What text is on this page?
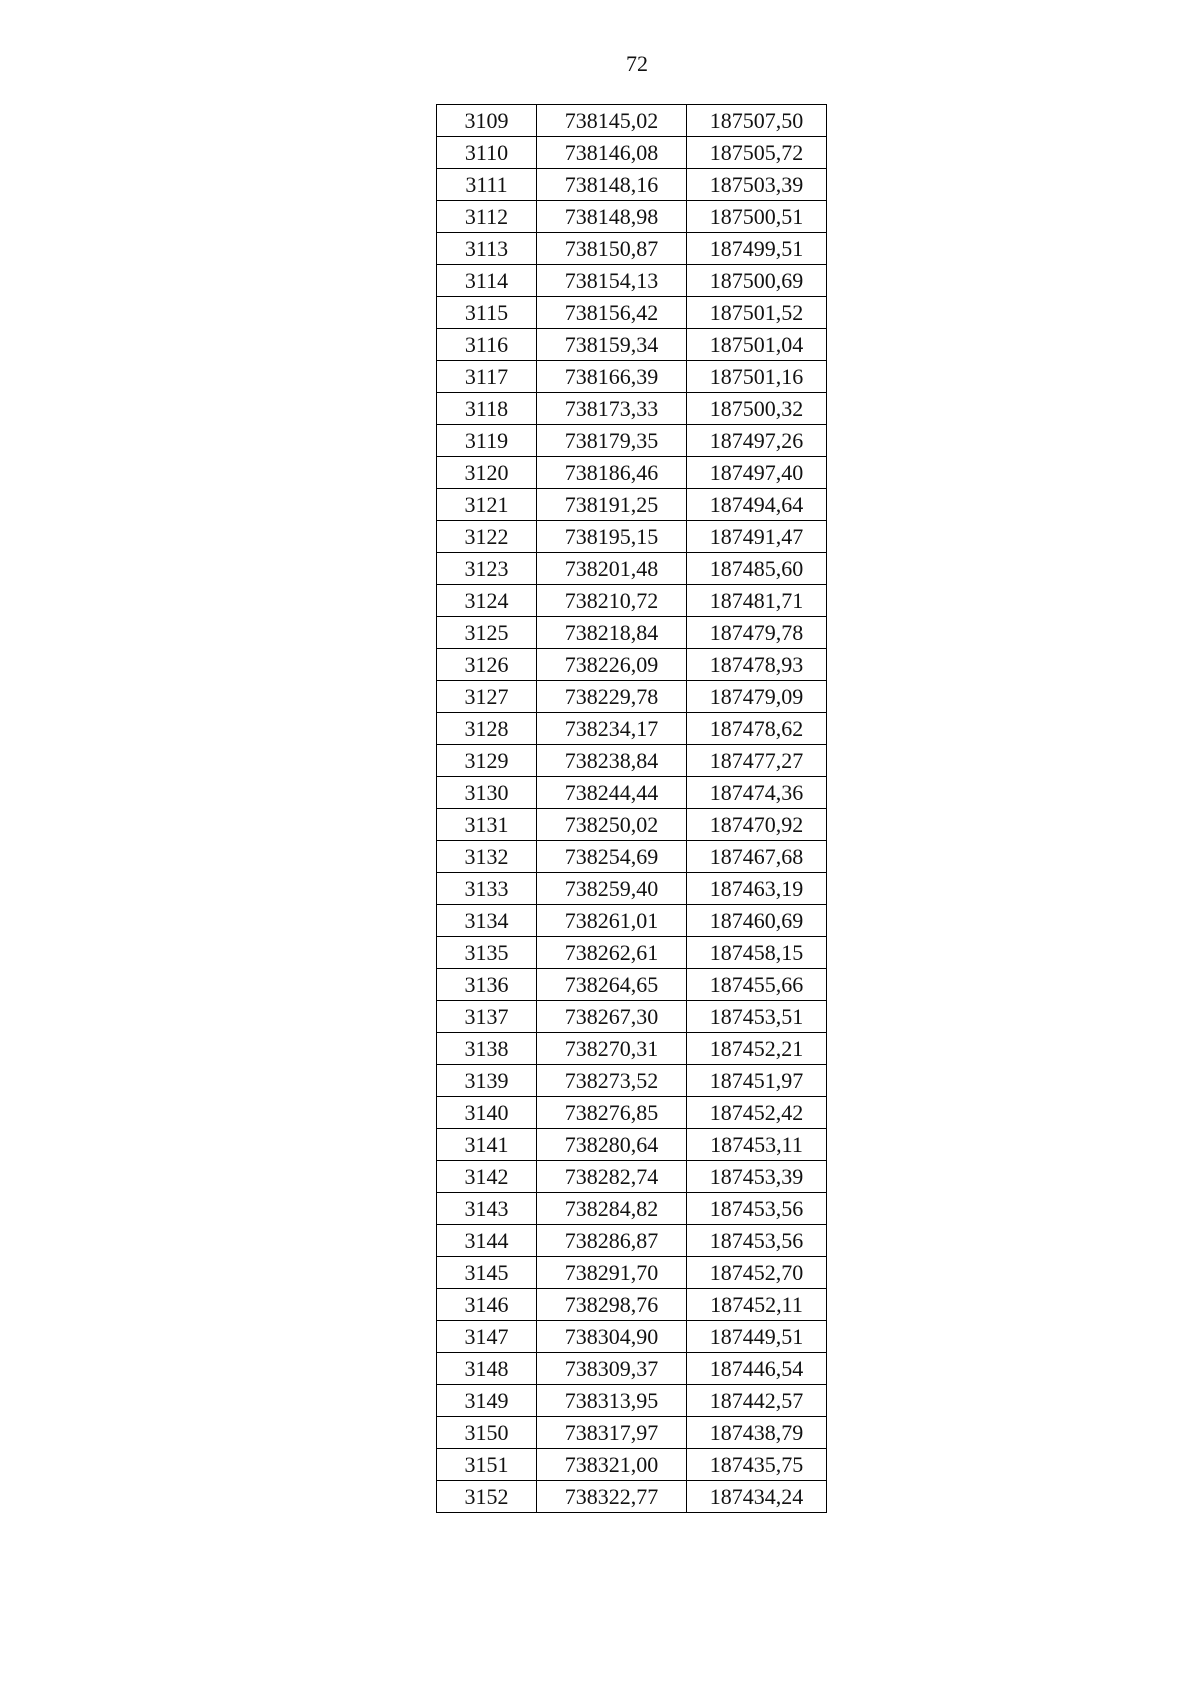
72
3109	738145,02	187507,50
3110	738146,08	187505,72
3111	738148,16	187503,39
3112	738148,98	187500,51
3113	738150,87	187499,51
3114	738154,13	187500,69
3115	738156,42	187501,52
3116	738159,34	187501,04
3117	738166,39	187501,16
3118	738173,33	187500,32
3119	738179,35	187497,26
3120	738186,46	187497,40
3121	738191,25	187494,64
3122	738195,15	187491,47
3123	738201,48	187485,60
3124	738210,72	187481,71
3125	738218,84	187479,78
3126	738226,09	187478,93
3127	738229,78	187479,09
3128	738234,17	187478,62
3129	738238,84	187477,27
3130	738244,44	187474,36
3131	738250,02	187470,92
3132	738254,69	187467,68
3133	738259,40	187463,19
3134	738261,01	187460,69
3135	738262,61	187458,15
3136	738264,65	187455,66
3137	738267,30	187453,51
3138	738270,31	187452,21
3139	738273,52	187451,97
3140	738276,85	187452,42
3141	738280,64	187453,11
3142	738282,74	187453,39
3143	738284,82	187453,56
3144	738286,87	187453,56
3145	738291,70	187452,70
3146	738298,76	187452,11
3147	738304,90	187449,51
3148	738309,37	187446,54
3149	738313,95	187442,57
3150	738317,97	187438,79
3151	738321,00	187435,75
3152	738322,77	187434,24
